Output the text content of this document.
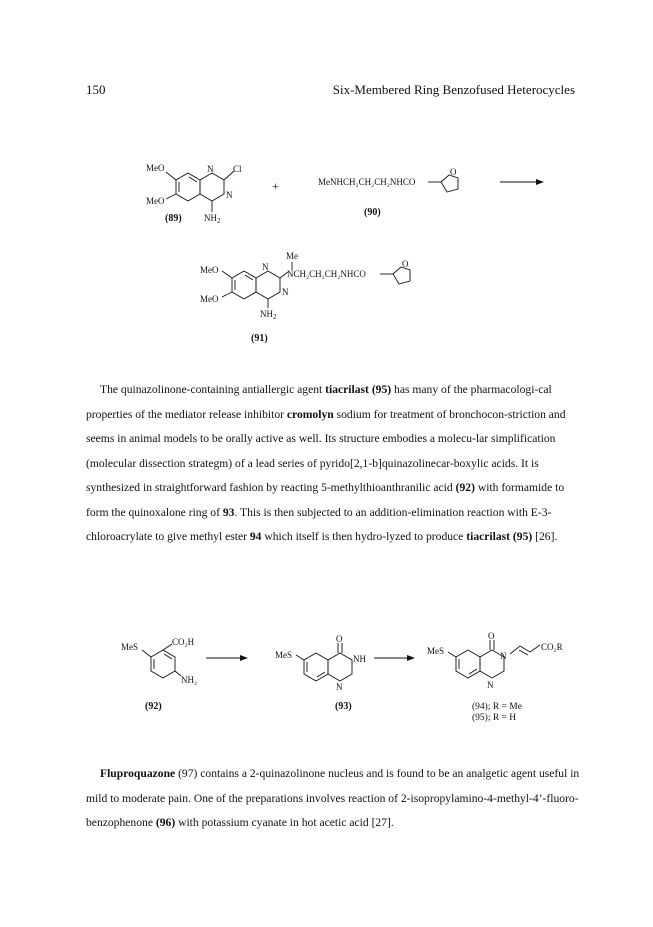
150	Six-Membered Ring Benzofused Heterocycles
MeO
MeO
N
N
Cl
$NH_2$
(89)
+	MeNHCH₂CH₂CH₂NHCO
O
(90)
Me
MeO
MeO
N
N
NCH₂CH₂CH₂NHCO
O
$NH_2$
(91)
MeS	CO₂H
NH₂
(92)
O
MeS	NH
N
(93)
O
MeS	N
N
CO₂R
(94); R = Me
(95); R = H

The quinazolinone-containing antiallergic agent tiacrilast (95) has many of the pharmacologi-cal properties of the mediator release inhibitor cromolyn sodium for treatment of bronchocon-striction and seems in animal models to be orally active as well. Its structure embodies a molecu-lar simplification (molecular dissection strategm) of a lead series of pyrido[2,1-b]quinazolinecar-boxylic acids. It is synthesized in straightforward fashion by reacting 5-methylthioanthranilic acid (92) with formamide to form the quinoxalone ring of 93. This is then subjected to an addition-elimination reaction with E-3-chloroacrylate to give methyl ester 94 which itself is then hydro-lyzed to produce tiacrilast (95) [26].

Fluproquazone (97) contains a 2-quinazolinone nucleus and is found to be an analgetic agent useful in mild to moderate pain. One of the preparations involves reaction of 2-isopropylamino-4-methyl-4’-fluoro-benzophenone (96) with potassium cyanate in hot acetic acid [27].
